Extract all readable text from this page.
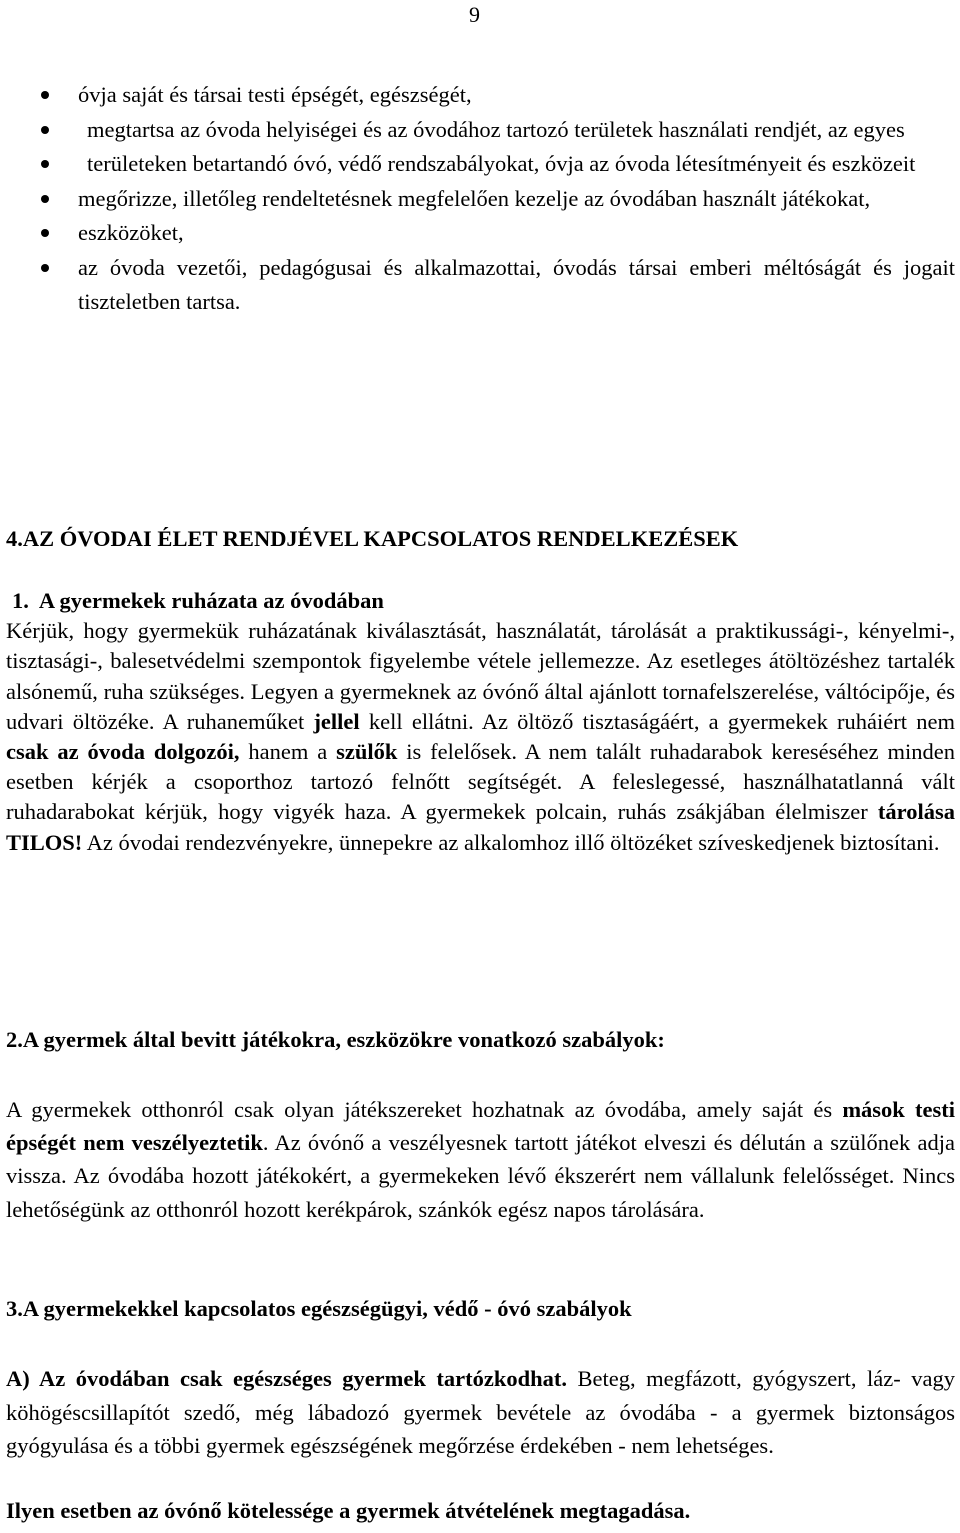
9
óvja saját és társai testi épségét, egészségét,
megtartsa az óvoda helyiségei és az óvodához tartozó területek használati rendjét, az egyes
területeken betartandó óvó, védő rendszabályokat, óvja az óvoda létesítményeit és eszközeit
megőrizze, illetőleg rendeltetésnek megfelelően kezelje az óvodában használt játékokat,
eszközöket,
az óvoda vezetői, pedagógusai és alkalmazottai, óvodás társai emberi méltóságát és jogait tiszteletben tartsa.
4.AZ ÓVODAI ÉLET RENDJÉVEL KAPCSOLATOS RENDELKEZÉSEK
1. A gyermekek ruházata az óvodában
Kérjük, hogy gyermekük ruházatának kiválasztását, használatát, tárolását a praktikussági-, kényelmi-, tisztasági-, balesetvédelmi szempontok figyelembe vétele jellemezze. Az esetleges átöltözéshez tartalék alsónemű, ruha szükséges. Legyen a gyermeknek az óvónő által ajánlott tornafelszerelése, váltócipője, és udvari öltözéke. A ruhaneműket jellel kell ellátni. Az öltöző tisztaságáért, a gyermekek ruháiért nem csak az óvoda dolgozói, hanem a szülők is felelősek. A nem talált ruhadarabok kereséséhez minden esetben kérjék a csoporthoz tartozó felnőtt segítségét. A feleslegessé, használhatatlanná vált ruhadarabokat kérjük, hogy vigyék haza. A gyermekek polcain, ruhás zsákjában élelmiszer tárolása TILOS! Az óvodai rendezvényekre, ünnepekre az alkalomhoz illő öltözéket szíveskedjenek biztosítani.
2.A gyermek által bevitt játékokra, eszközökre vonatkozó szabályok:
A gyermekek otthonról csak olyan játékszereket hozhatnak az óvodába, amely saját és mások testi épségét nem veszélyeztetik. Az óvónő a veszélyesnek tartott játékot elveszi és délután a szülőnek adja vissza. Az óvodába hozott játékokért, a gyermekeken lévő ékszerért nem vállalunk felelősséget. Nincs lehetőségünk az otthonról hozott kerékpárok, szánkók egész napos tárolására.
3.A gyermekekkel kapcsolatos egészségügyi, védő - óvó szabályok
A) Az óvodában csak egészséges gyermek tartózkodhat. Beteg, megfázott, gyógyszert, láz- vagy köhögéscsillapítót szedő, még lábadozó gyermek bevétele az óvodába - a gyermek biztonságos gyógyulása és a többi gyermek egészségének megőrzése érdekében - nem lehetséges.
Ilyen esetben az óvónő kötelessége a gyermek átvételének megtagadása.
